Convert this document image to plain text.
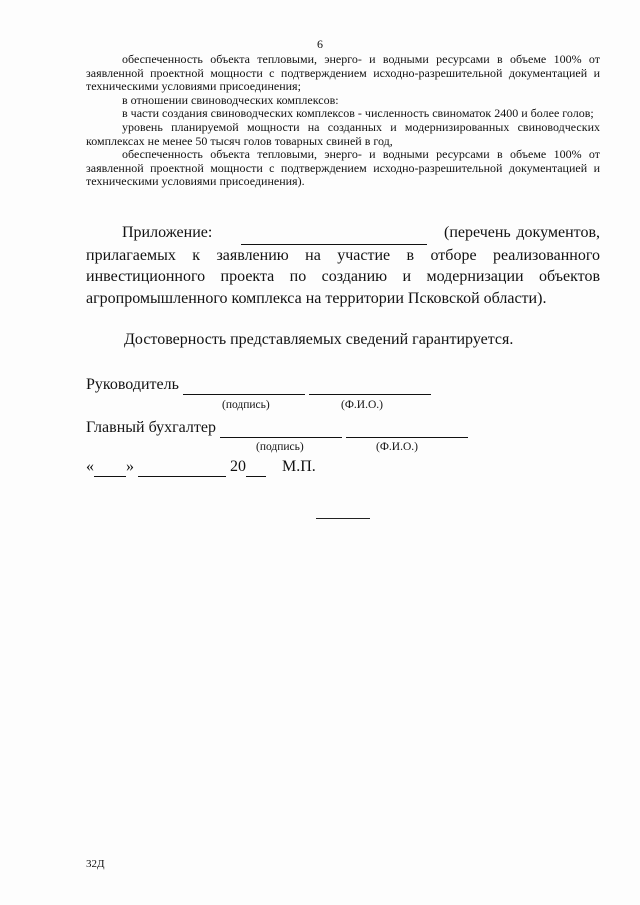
6

обеспеченность объекта тепловыми, энерго- и водными ресурсами в объеме 100% от заявленной проектной мощности с подтверждением исходно-разрешительной документацией и техническими условиями присоединения;

в отношении свиноводческих комплексов:

в части создания свиноводческих комплексов - численность свиноматок 2400 и более голов;

уровень планируемой мощности на созданных и модернизированных свиноводческих комплексах не менее 50 тысяч голов товарных свиней в год,

обеспеченность объекта тепловыми, энерго- и водными ресурсами в объеме 100% от заявленной проектной мощности с подтверждением исходно-разрешительной документацией и техническими условиями присоединения).

Приложение:	(перечень документов, прилагаемых к заявлению на участие в отборе реализованного инвестиционного проекта по созданию и модернизации объектов агропромышленного комплекса на территории Псковской области).

Достоверность представляемых сведений гарантируется.
Руководитель
(подпись)	(Ф.И.О.)
Главный бухгалтер
(подпись)	(Ф.И.О.)
« »	20 М.П.
32Д
